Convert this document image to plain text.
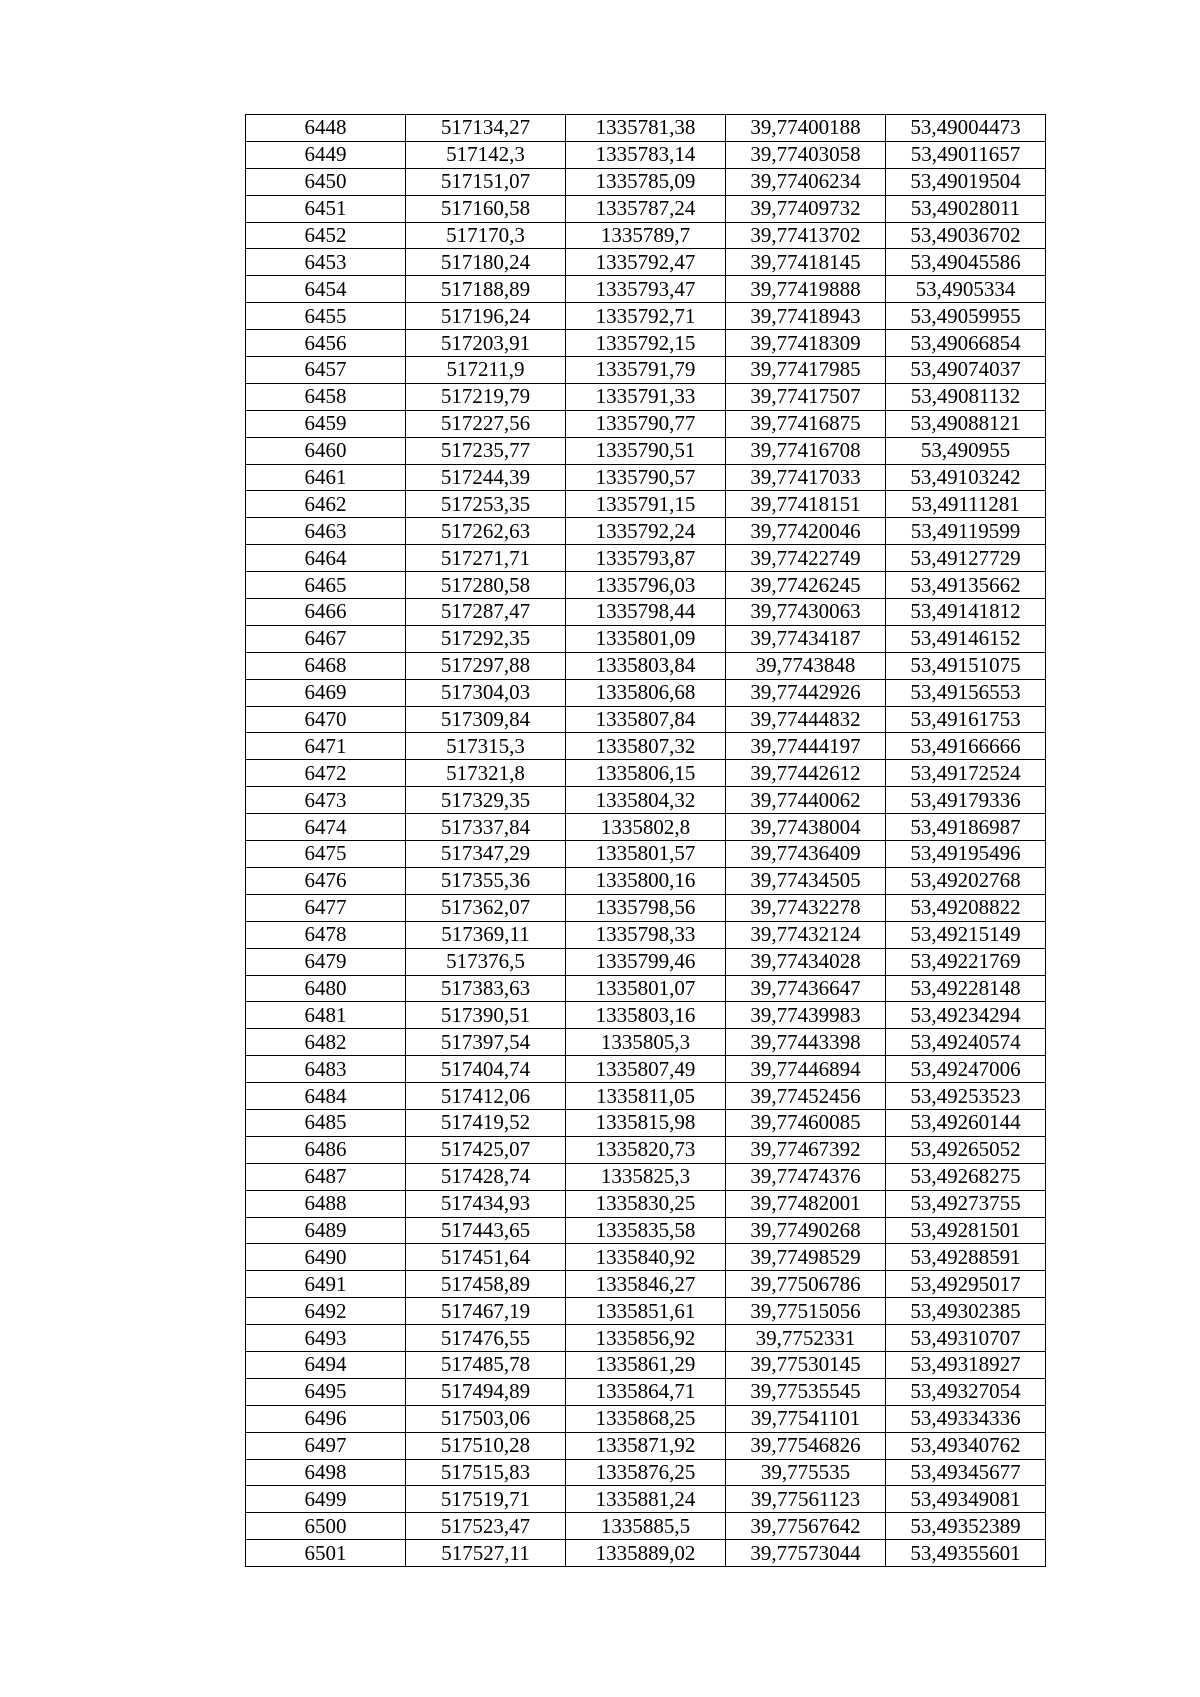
6448	517134,27	1335781,38	39,77400188	53,49004473
6449	517142,3	1335783,14	39,77403058	53,49011657
6450	517151,07	1335785,09	39,77406234	53,49019504
6451	517160,58	1335787,24	39,77409732	53,49028011
6452	517170,3	1335789,7	39,77413702	53,49036702
6453	517180,24	1335792,47	39,77418145	53,49045586
6454	517188,89	1335793,47	39,77419888	53,4905334
6455	517196,24	1335792,71	39,77418943	53,49059955
6456	517203,91	1335792,15	39,77418309	53,49066854
6457	517211,9	1335791,79	39,77417985	53,49074037
6458	517219,79	1335791,33	39,77417507	53,49081132
6459	517227,56	1335790,77	39,77416875	53,49088121
6460	517235,77	1335790,51	39,77416708	53,490955
6461	517244,39	1335790,57	39,77417033	53,49103242
6462	517253,35	1335791,15	39,77418151	53,49111281
6463	517262,63	1335792,24	39,77420046	53,49119599
6464	517271,71	1335793,87	39,77422749	53,49127729
6465	517280,58	1335796,03	39,77426245	53,49135662
6466	517287,47	1335798,44	39,77430063	53,49141812
6467	517292,35	1335801,09	39,77434187	53,49146152
6468	517297,88	1335803,84	39,7743848	53,49151075
6469	517304,03	1335806,68	39,77442926	53,49156553
6470	517309,84	1335807,84	39,77444832	53,49161753
6471	517315,3	1335807,32	39,77444197	53,49166666
6472	517321,8	1335806,15	39,77442612	53,49172524
6473	517329,35	1335804,32	39,77440062	53,49179336
6474	517337,84	1335802,8	39,77438004	53,49186987
6475	517347,29	1335801,57	39,77436409	53,49195496
6476	517355,36	1335800,16	39,77434505	53,49202768
6477	517362,07	1335798,56	39,77432278	53,49208822
6478	517369,11	1335798,33	39,77432124	53,49215149
6479	517376,5	1335799,46	39,77434028	53,49221769
6480	517383,63	1335801,07	39,77436647	53,49228148
6481	517390,51	1335803,16	39,77439983	53,49234294
6482	517397,54	1335805,3	39,77443398	53,49240574
6483	517404,74	1335807,49	39,77446894	53,49247006
6484	517412,06	1335811,05	39,77452456	53,49253523
6485	517419,52	1335815,98	39,77460085	53,49260144
6486	517425,07	1335820,73	39,77467392	53,49265052
6487	517428,74	1335825,3	39,77474376	53,49268275
6488	517434,93	1335830,25	39,77482001	53,49273755
6489	517443,65	1335835,58	39,77490268	53,49281501
6490	517451,64	1335840,92	39,77498529	53,49288591
6491	517458,89	1335846,27	39,77506786	53,49295017
6492	517467,19	1335851,61	39,77515056	53,49302385
6493	517476,55	1335856,92	39,7752331	53,49310707
6494	517485,78	1335861,29	39,77530145	53,49318927
6495	517494,89	1335864,71	39,77535545	53,49327054
6496	517503,06	1335868,25	39,77541101	53,49334336
6497	517510,28	1335871,92	39,77546826	53,49340762
6498	517515,83	1335876,25	39,775535	53,49345677
6499	517519,71	1335881,24	39,77561123	53,49349081
6500	517523,47	1335885,5	39,77567642	53,49352389
6501	517527,11	1335889,02	39,77573044	53,49355601
